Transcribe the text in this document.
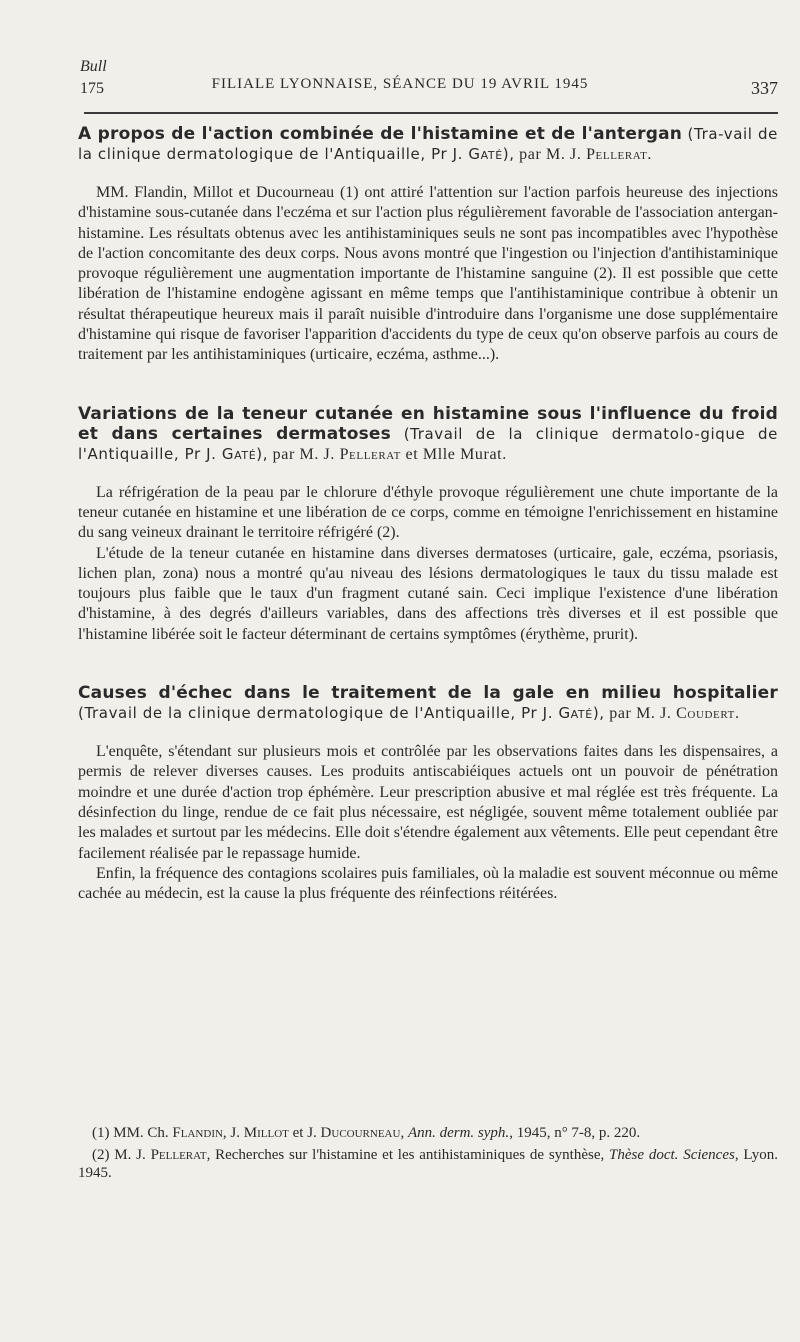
Bull
175	FILIALE LYONNAISE, SÉANCE DU 19 AVRIL 1945	337

A propos de l'action combinée de l'histamine et de l'antergan (Tra-vail de la clinique dermatologique de l'Antiquaille, Pr J. Gaté), par M. J. Pellerat.

MM. Flandin, Millot et Ducourneau (1) ont attiré l'attention sur l'action parfois heureuse des injections d'histamine sous-cutanée dans l'eczéma et sur l'action plus régulièrement favorable de l'association antergan-histamine. Les résultats obtenus avec les antihistaminiques seuls ne sont pas incompatibles avec l'hypothèse de l'action concomitante des deux corps. Nous avons montré que l'ingestion ou l'injection d'antihistaminique provoque régulièrement une augmentation importante de l'histamine sanguine (2). Il est possible que cette libération de l'histamine endogène agissant en même temps que l'antihistaminique contribue à obtenir un résultat thérapeutique heureux mais il paraît nuisible d'introduire dans l'organisme une dose supplémentaire d'histamine qui risque de favoriser l'apparition d'accidents du type de ceux qu'on observe parfois au cours de traitement par les antihistaminiques (urticaire, eczéma, asthme...).

Variations de la teneur cutanée en histamine sous l'influence du froid et dans certaines dermatoses (Travail de la clinique dermatolo-gique de l'Antiquaille, Pr J. Gaté), par M. J. Pellerat et Mlle Murat.

La réfrigération de la peau par le chlorure d'éthyle provoque régulièrement une chute importante de la teneur cutanée en histamine et une libération de ce corps, comme en témoigne l'enrichissement en histamine du sang veineux drainant le territoire réfrigéré (2).

L'étude de la teneur cutanée en histamine dans diverses dermatoses (urticaire, gale, eczéma, psoriasis, lichen plan, zona) nous a montré qu'au niveau des lésions dermatologiques le taux du tissu malade est toujours plus faible que le taux d'un fragment cutané sain. Ceci implique l'existence d'une libération d'histamine, à des degrés d'ailleurs variables, dans des affections très diverses et il est possible que l'histamine libérée soit le facteur déterminant de certains symptômes (érythème, prurit).

Causes d'échec dans le traitement de la gale en milieu hospitalier (Travail de la clinique dermatologique de l'Antiquaille, Pr J. Gaté), par M. J. Coudert.

L'enquête, s'étendant sur plusieurs mois et contrôlée par les observations faites dans les dispensaires, a permis de relever diverses causes. Les produits antiscabiéiques actuels ont un pouvoir de pénétration moindre et une durée d'action trop éphémère. Leur prescription abusive et mal réglée est très fréquente. La désinfection du linge, rendue de ce fait plus nécessaire, est négligée, souvent même totalement oubliée par les malades et surtout par les médecins. Elle doit s'étendre également aux vêtements. Elle peut cependant être facilement réalisée par le repassage humide.

Enfin, la fréquence des contagions scolaires puis familiales, où la maladie est souvent méconnue ou même cachée au médecin, est la cause la plus fréquente des réinfections réitérées.

(1) MM. Ch. Flandin, J. Millot et J. Ducourneau, Ann. derm. syph., 1945, n° 7-8, p. 220.

(2) M. J. Pellerat, Recherches sur l'histamine et les antihistaminiques de synthèse, Thèse doct. Sciences, Lyon. 1945.
